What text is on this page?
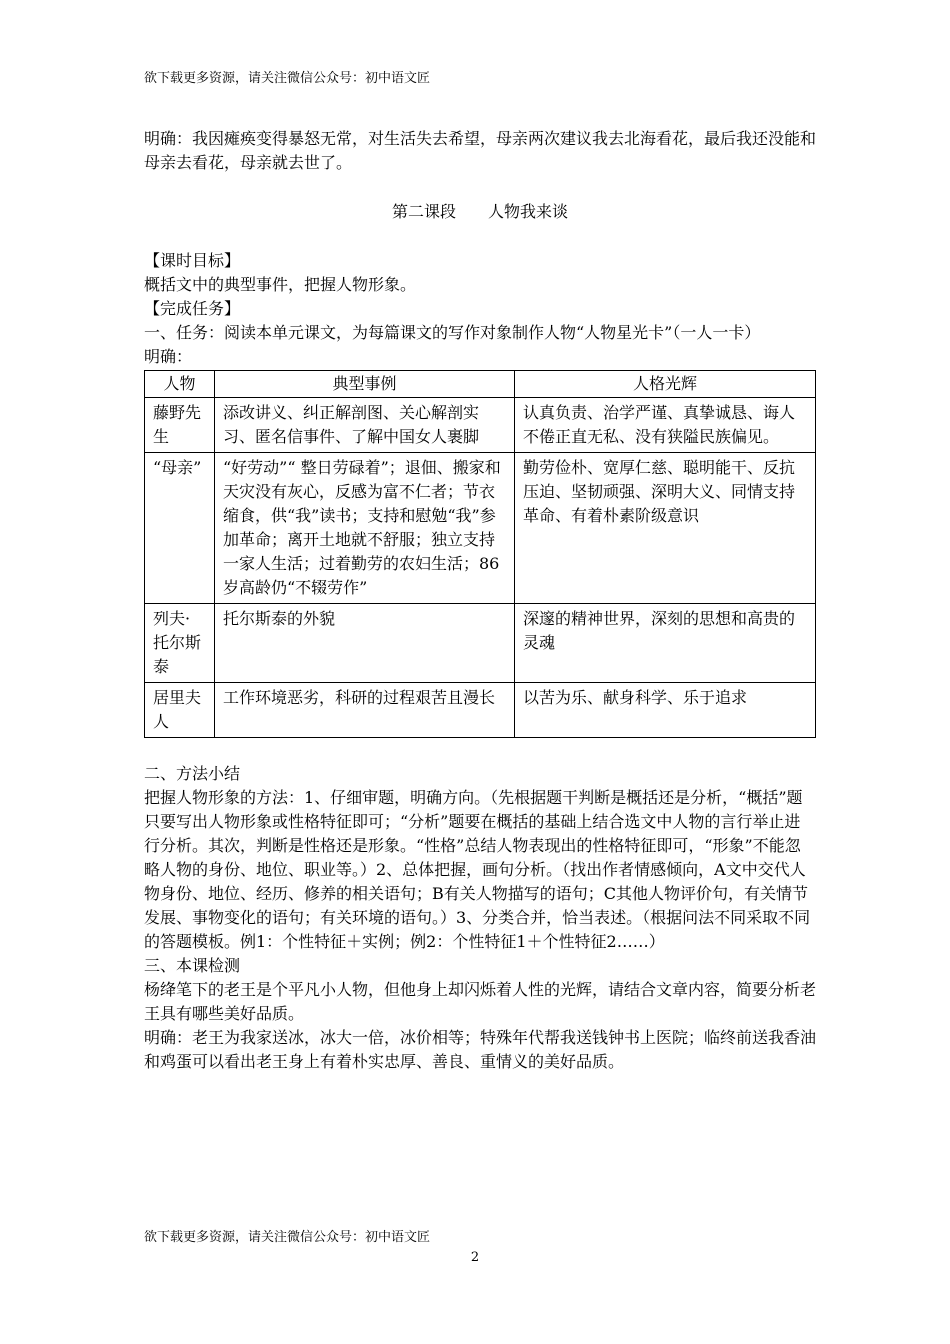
欲下载更多资源，请关注微信公众号：初中语文匠

明确：我因瘫痪变得暴怒无常，对生活失去希望，母亲两次建议我去北海看花，最后我还没能和母亲去看花，母亲就去世了。

第二课段　　人物我来谈

【课时目标】

概括文中的典型事件，把握人物形象。

【完成任务】

一、任务：阅读本单元课文，为每篇课文的写作对象制作人物“人物星光卡”（一人一卡）

明确：

人物	典型事例	人格光辉
藤野先生	添改讲义、纠正解剖图、关心解剖实习、匿名信事件、了解中国女人裹脚	认真负责、治学严谨、真挚诚恳、诲人不倦正直无私、没有狭隘民族偏见。
“母亲”	“好劳动”“ 整日劳碌着”；退佃、搬家和天灾没有灰心，反感为富不仁者；节衣缩食，供“我”读书；支持和慰勉“我”参加革命；离开土地就不舒服；独立支持一家人生活；过着勤劳的农妇生活；86岁高龄仍“不辍劳作”	勤劳俭朴、宽厚仁慈、聪明能干、反抗压迫、坚韧顽强、深明大义、同情支持革命、有着朴素阶级意识
列夫·托尔斯泰	托尔斯泰的外貌	深邃的精神世界，深刻的思想和高贵的灵魂
居里夫人	工作环境恶劣，科研的过程艰苦且漫长	以苦为乐、献身科学、乐于追求

二、方法小结

把握人物形象的方法：1、仔细审题，明确方向。（先根据题干判断是概括还是分析，“概括”题只要写出人物形象或性格特征即可；“分析”题要在概括的基础上结合选文中人物的言行举止进行分析。其次，判断是性格还是形象。“性格”总结人物表现出的性格特征即可，“形象”不能忽略人物的身份、地位、职业等。）2、总体把握，画句分析。（找出作者情感倾向，A文中交代人物身份、地位、经历、修养的相关语句；B有关人物描写的语句；C其他人物评价句，有关情节发展、事物变化的语句；有关环境的语句。）3、分类合并，恰当表述。（根据问法不同采取不同的答题模板。例1：个性特征＋实例；例2：个性特征1＋个性特征2……）

三、本课检测

杨绛笔下的老王是个平凡小人物，但他身上却闪烁着人性的光辉，请结合文章内容，简要分析老王具有哪些美好品质。

明确：老王为我家送冰，冰大一倍，冰价相等；特殊年代帮我送钱钟书上医院；临终前送我香油和鸡蛋可以看出老王身上有着朴实忠厚、善良、重情义的美好品质。

欲下载更多资源，请关注微信公众号：初中语文匠
2
